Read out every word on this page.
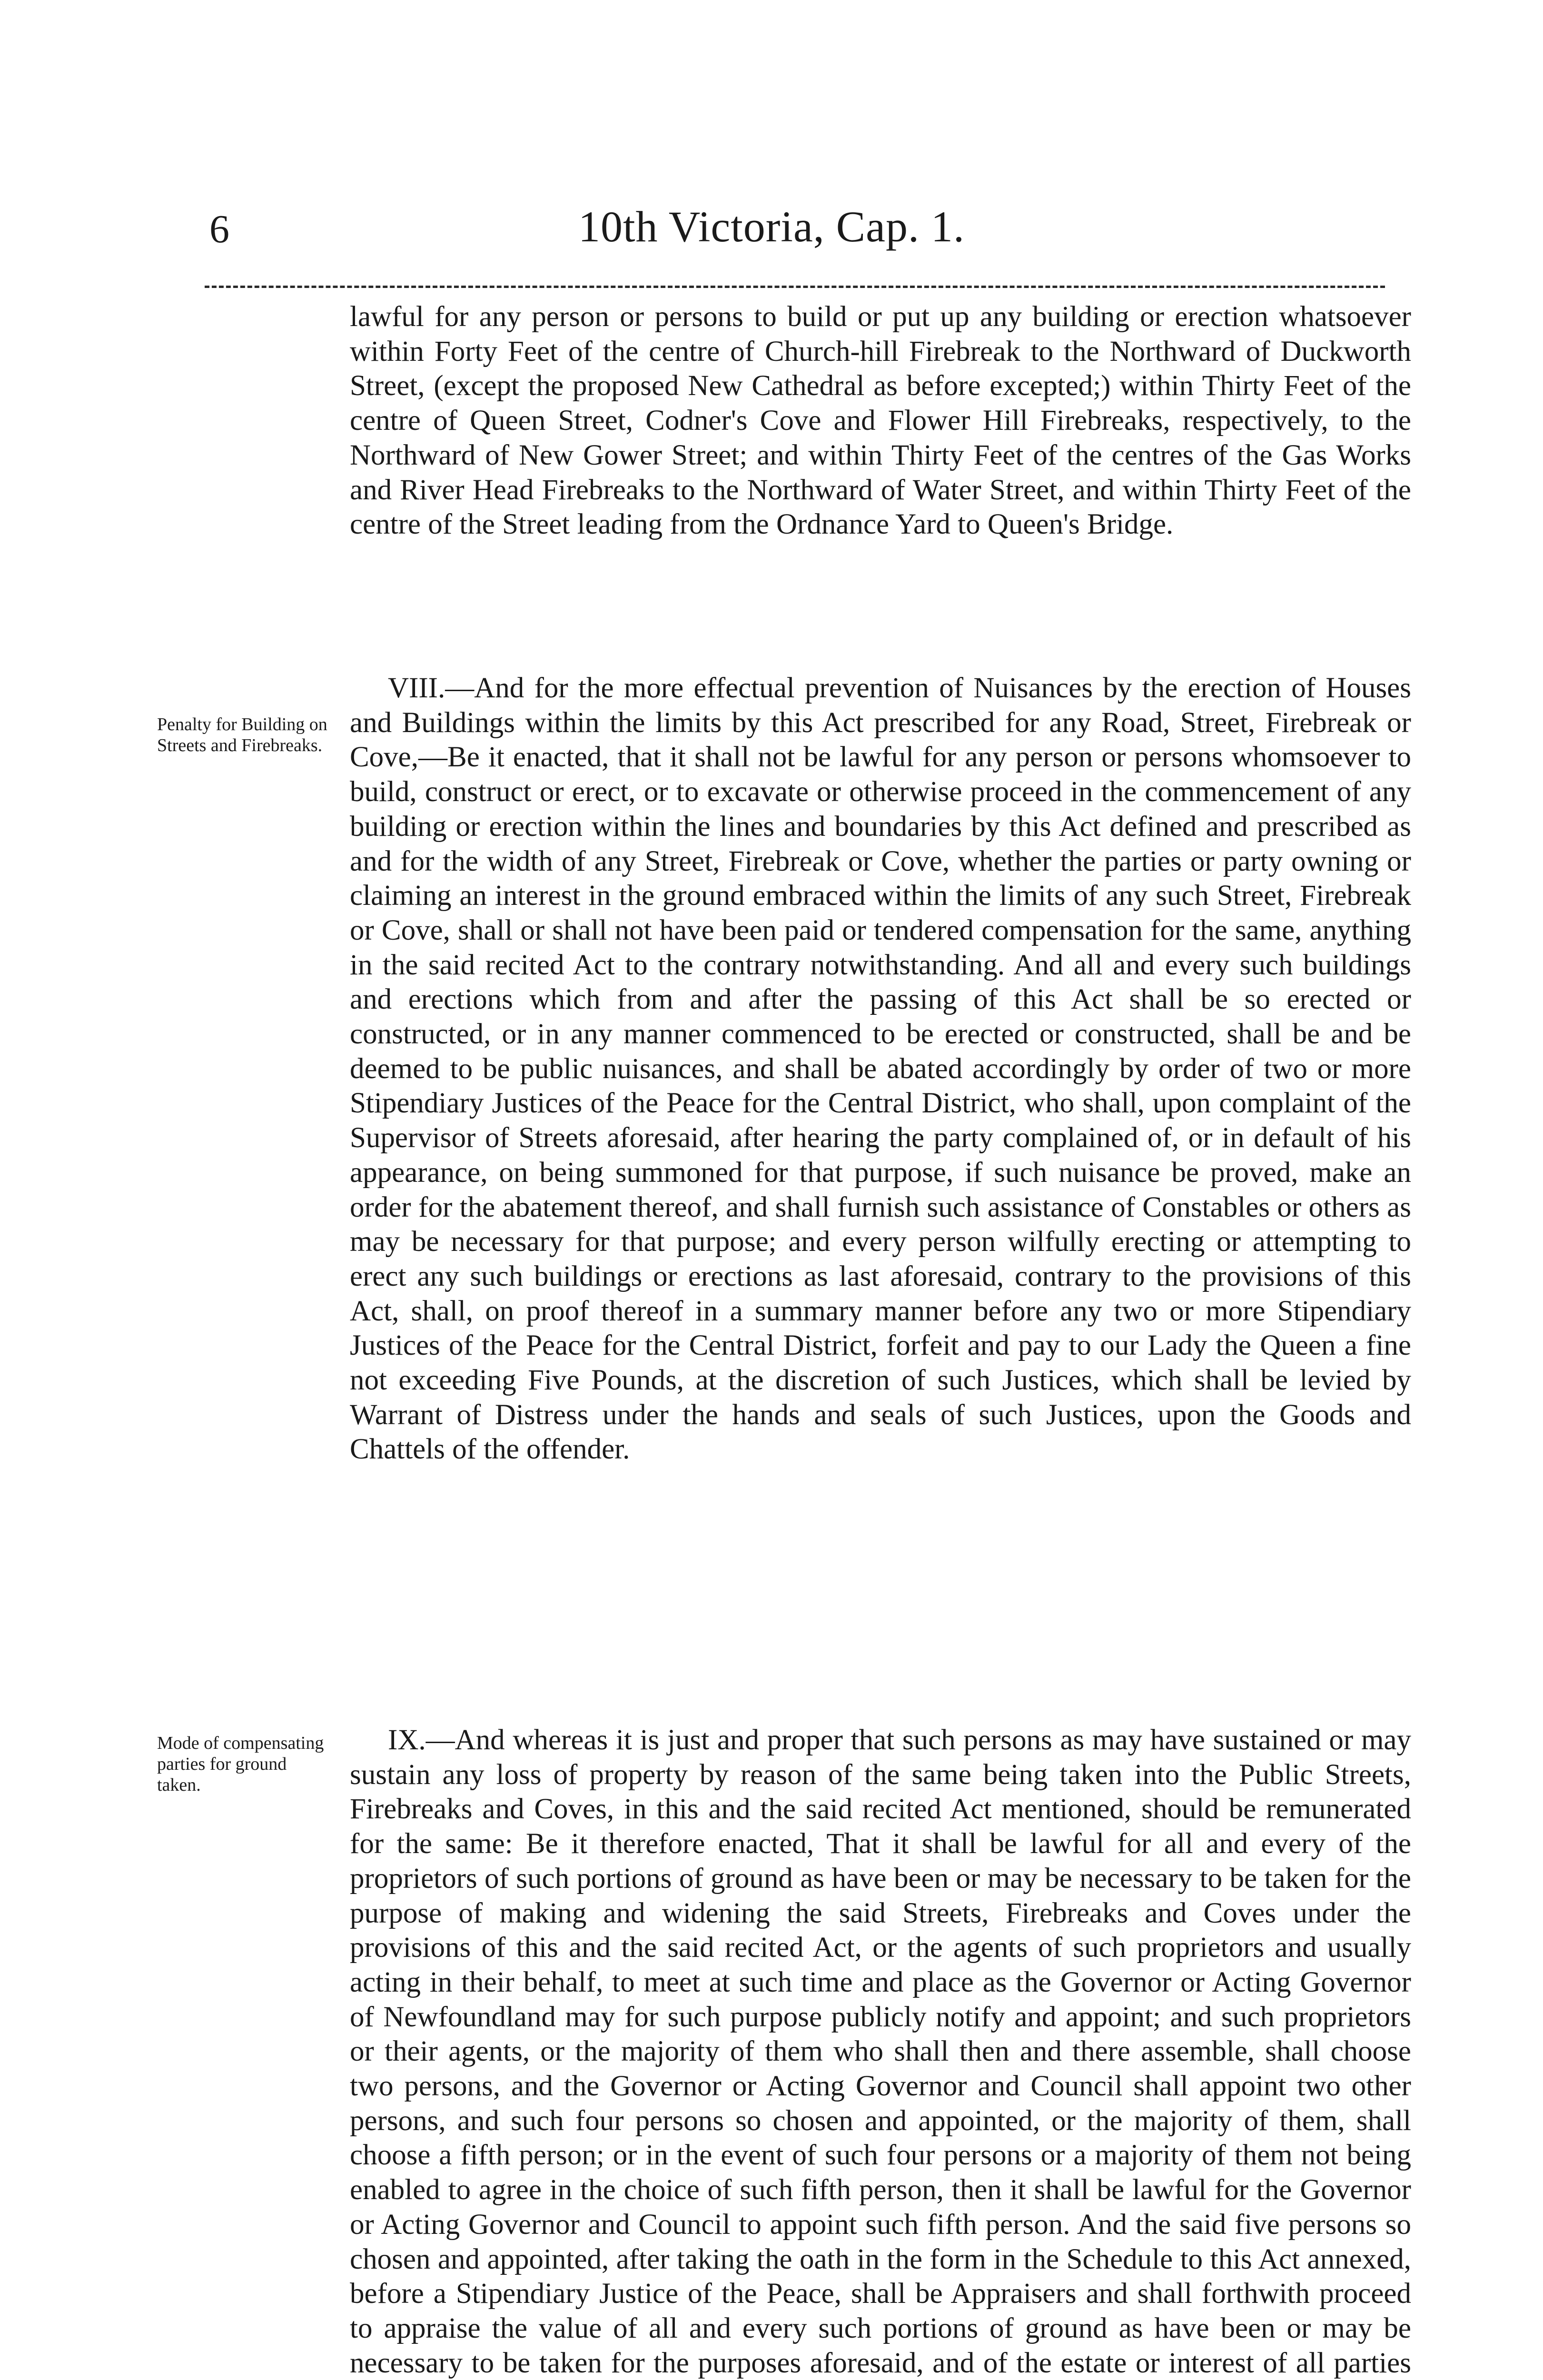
6	10th Victoria, Cap. 1.

lawful for any person or persons to build or put up any building or erection whatsoever within Forty Feet of the centre of Church-hill Firebreak to the Northward of Duckworth Street, (except the proposed New Cathedral as before excepted;) within Thirty Feet of the centre of Queen Street, Codner's Cove and Flower Hill Firebreaks, respectively, to the Northward of New Gower Street; and within Thirty Feet of the centres of the Gas Works and River Head Firebreaks to the Northward of Water Street, and within Thirty Feet of the centre of the Street leading from the Ordnance Yard to Queen's Bridge.

Penalty for Building on Streets and Firebreaks.

VIII.—And for the more effectual prevention of Nuisances by the erection of Houses and Buildings within the limits by this Act prescribed for any Road, Street, Firebreak or Cove,—Be it enacted, that it shall not be lawful for any person or persons whomsoever to build, construct or erect, or to excavate or otherwise proceed in the commencement of any building or erection within the lines and boundaries by this Act defined and prescribed as and for the width of any Street, Firebreak or Cove, whether the parties or party owning or claiming an interest in the ground embraced within the limits of any such Street, Firebreak or Cove, shall or shall not have been paid or tendered compensation for the same, anything in the said recited Act to the contrary notwithstanding. And all and every such buildings and erections which from and after the passing of this Act shall be so erected or constructed, or in any manner commenced to be erected or constructed, shall be and be deemed to be public nuisances, and shall be abated accordingly by order of two or more Stipendiary Justices of the Peace for the Central District, who shall, upon complaint of the Supervisor of Streets aforesaid, after hearing the party complained of, or in default of his appearance, on being summoned for that purpose, if such nuisance be proved, make an order for the abatement thereof, and shall furnish such assistance of Constables or others as may be necessary for that purpose; and every person wilfully erecting or attempting to erect any such buildings or erections as last aforesaid, contrary to the provisions of this Act, shall, on proof thereof in a summary manner before any two or more Stipendiary Justices of the Peace for the Central District, forfeit and pay to our Lady the Queen a fine not exceeding Five Pounds, at the discretion of such Justices, which shall be levied by Warrant of Distress under the hands and seals of such Justices, upon the Goods and Chattels of the offender.

Mode of compensating parties for ground taken.

IX.—And whereas it is just and proper that such persons as may have sustained or may sustain any loss of property by reason of the same being taken into the Public Streets, Firebreaks and Coves, in this and the said recited Act mentioned, should be remunerated for the same: Be it therefore enacted, That it shall be lawful for all and every of the proprietors of such portions of ground as have been or may be necessary to be taken for the purpose of making and widening the said Streets, Firebreaks and Coves under the provisions of this and the said recited Act, or the agents of such proprietors and usually acting in their behalf, to meet at such time and place as the Governor or Acting Governor of Newfoundland may for such purpose publicly notify and appoint; and such proprietors or their agents, or the majority of them who shall then and there assemble, shall choose two persons, and the Governor or Acting Governor and Council shall appoint two other persons, and such four persons so chosen and appointed, or the majority of them, shall choose a fifth person; or in the event of such four persons or a majority of them not being enabled to agree in the choice of such fifth person, then it shall be lawful for the Governor or Acting Governor and Council to appoint such fifth person. And the said five persons so chosen and appointed, after taking the oath in the form in the Schedule to this Act annexed, before a Stipendiary Justice of the Peace, shall be Appraisers and shall forthwith proceed to appraise the value of all and every such portions of ground as have been or may be necessary to be taken for the purposes aforesaid, and of the estate or interest of all parties
